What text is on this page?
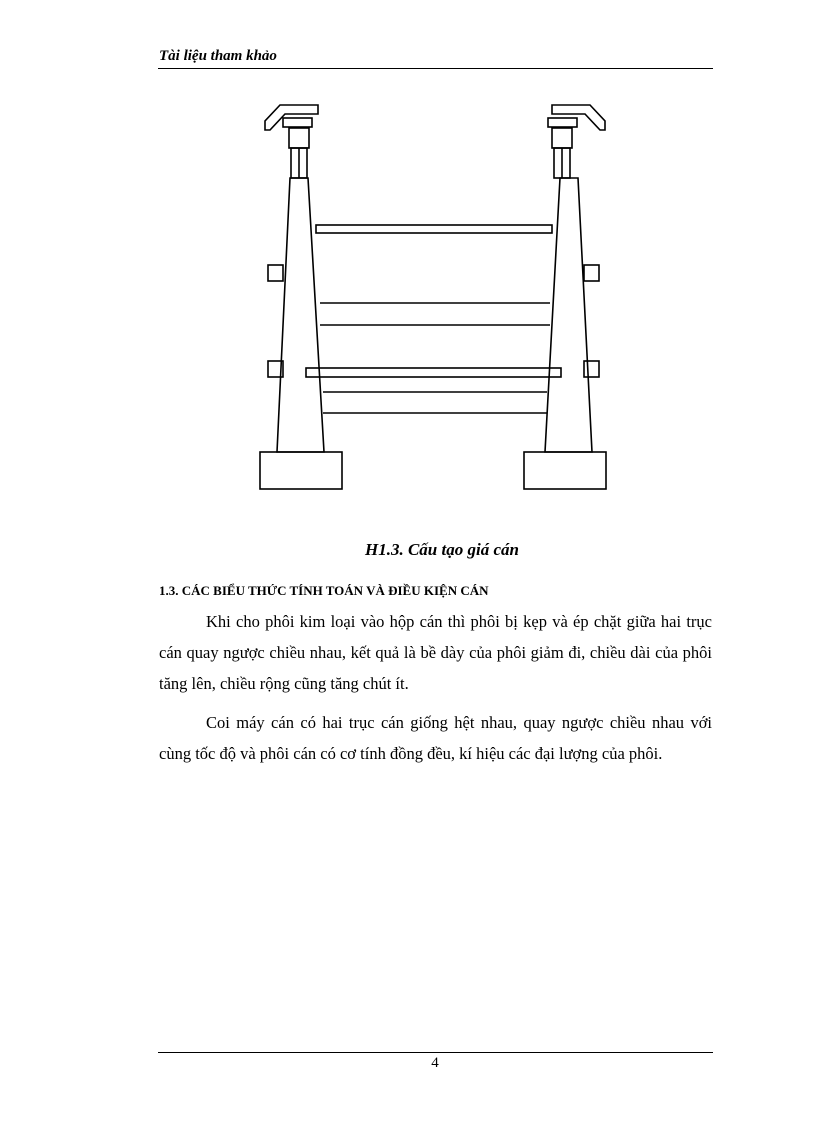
Tài liệu tham khảo
H1.3. Cấu tạo giá cán
1.3. CÁC BIỂU THỨC TÍNH TOÁN VÀ ĐIỀU KIỆN CÁN

Khi cho phôi kim loại vào hộp cán thì phôi bị kẹp và ép chặt giữa hai trục cán quay ngược chiều nhau, kết quả là bề dày của phôi giảm đi, chiều dài của phôi tăng lên, chiều rộng cũng tăng chút ít.

Coi máy cán có hai trục cán giống hệt nhau, quay ngược chiều nhau với cùng tốc độ và phôi cán có cơ tính đồng đều, kí hiệu các đại lượng của phôi.

4
